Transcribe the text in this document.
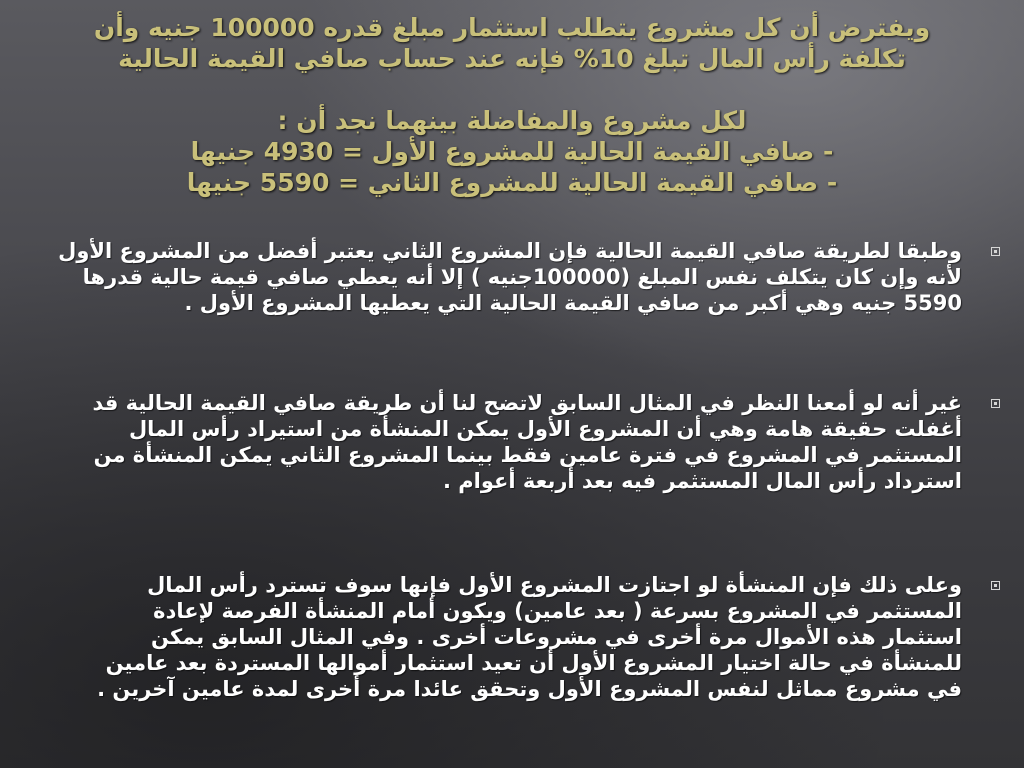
ويفترض أن كل مشروع يتطلب استثمار مبلغ قدره 100000 جنيه وأن
تكلفة رأس المال تبلغ 10% فإنه عند حساب صافي القيمة الحالية
لكل مشروع والمفاضلة بينهما نجد أن :
- صافي القيمة الحالية للمشروع الأول = 4930 جنيها
- صافي القيمة الحالية للمشروع الثاني = 5590 جنيها
وطبقا لطريقة صافي القيمة الحالية فإن المشروع الثاني يعتبر أفضل من المشروع الأول
لأنه وإن كان يتكلف نفس المبلغ (100000جنيه ) إلا أنه يعطي صافي قيمة حالية قدرها
5590 جنيه وهي أكبر من صافي القيمة الحالية التي يعطيها المشروع الأول .
غير أنه لو أمعنا النظر في المثال السابق لاتضح لنا أن طريقة صافي القيمة الحالية قد
أغفلت حقيقة هامة وهي أن المشروع الأول يمكن المنشأة من استيراد رأس المال
المستثمر في المشروع في فترة عامين فقط بينما المشروع الثاني يمكن المنشأة من
استرداد رأس المال المستثمر فيه بعد أربعة أعوام .
وعلى ذلك فإن المنشأة لو اجتازت المشروع الأول فإنها سوف تسترد رأس المال
المستثمر في المشروع بسرعة ( بعد عامين) ويكون أمام المنشأة الفرصة لإعادة
استثمار هذه الأموال مرة أخرى في مشروعات أخرى . وفي المثال السابق يمكن
للمنشأة في حالة اختيار المشروع الأول أن تعيد استثمار أموالها المستردة بعد عامين
في مشروع مماثل لنفس المشروع الأول وتحقق عائدا مرة أخرى لمدة عامين آخرين .
